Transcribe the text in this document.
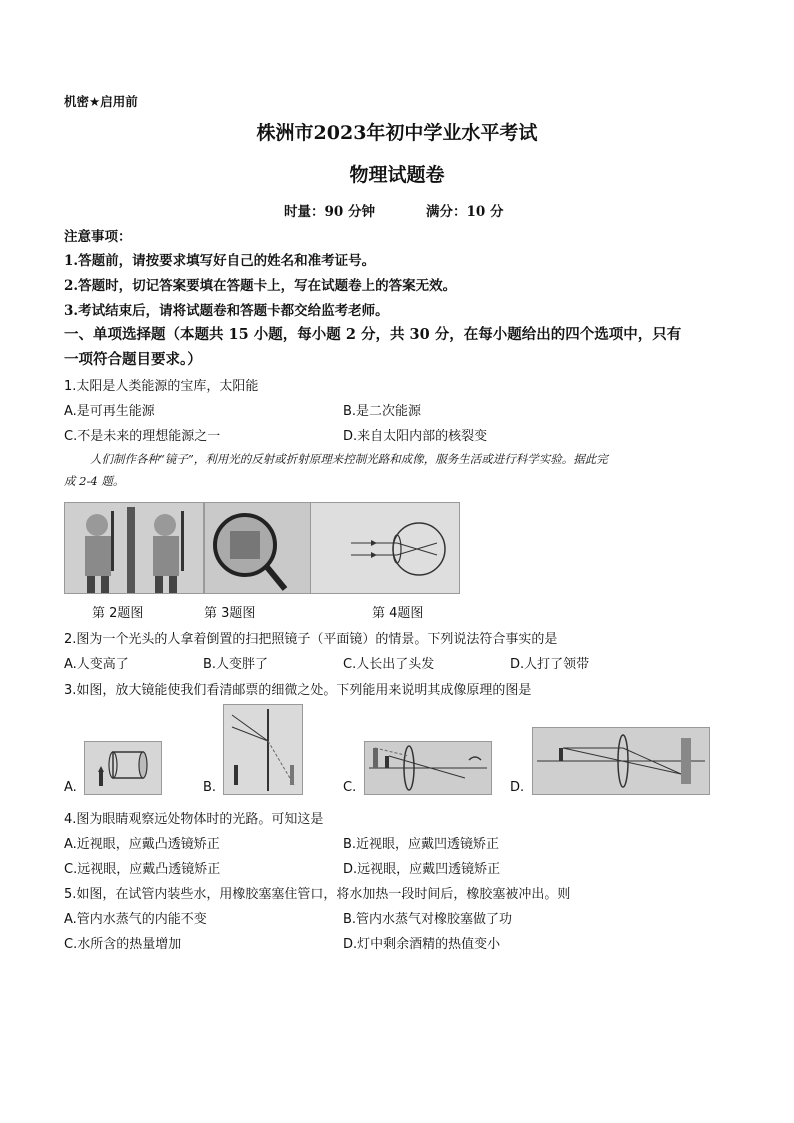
机密★启用前
株洲市2023年初中学业水平考试
物理试题卷
时量：90 分钟	满分：10 分
注意事项：
1.答题前，请按要求填写好自己的姓名和准考证号。
2.答题时，切记答案要填在答题卡上，写在试题卷上的答案无效。
3.考试结束后，请将试题卷和答题卡都交给监考老师。
一、单项选择题（本题共 15 小题，每小题 2 分，共 30 分，在每小题给出的四个选项中，只有
一项符合题目要求。）
1.太阳是人类能源的宝库，太阳能
A.是可再生能源	B.是二次能源
C.不是未来的理想能源之一	D.来自太阳内部的核裂变
人们制作各种“镜子”，利用光的反射或折射原理来控制光路和成像，服务生活或进行科学实验。据此完
成 2-4 题。
第 2题图	第 3题图	第 4题图
2.图为一个光头的人拿着倒置的扫把照镜子（平面镜）的情景。下列说法符合事实的是
A.人变高了	B.人变胖了	C.人长出了头发	D.人打了领带
3.如图，放大镜能使我们看清邮票的细微之处。下列能用来说明其成像原理的图是
A.	B.	C.	D.
4.图为眼睛观察远处物体时的光路。可知这是
A.近视眼，应戴凸透镜矫正	B.近视眼，应戴凹透镜矫正
C.远视眼，应戴凸透镜矫正	D.远视眼，应戴凹透镜矫正
5.如图，在试管内装些水，用橡胶塞塞住管口，将水加热一段时间后，橡胶塞被冲出。则
A.管内水蒸气的内能不变	B.管内水蒸气对橡胶塞做了功
C.水所含的热量增加	D.灯中剩余酒精的热值变小
